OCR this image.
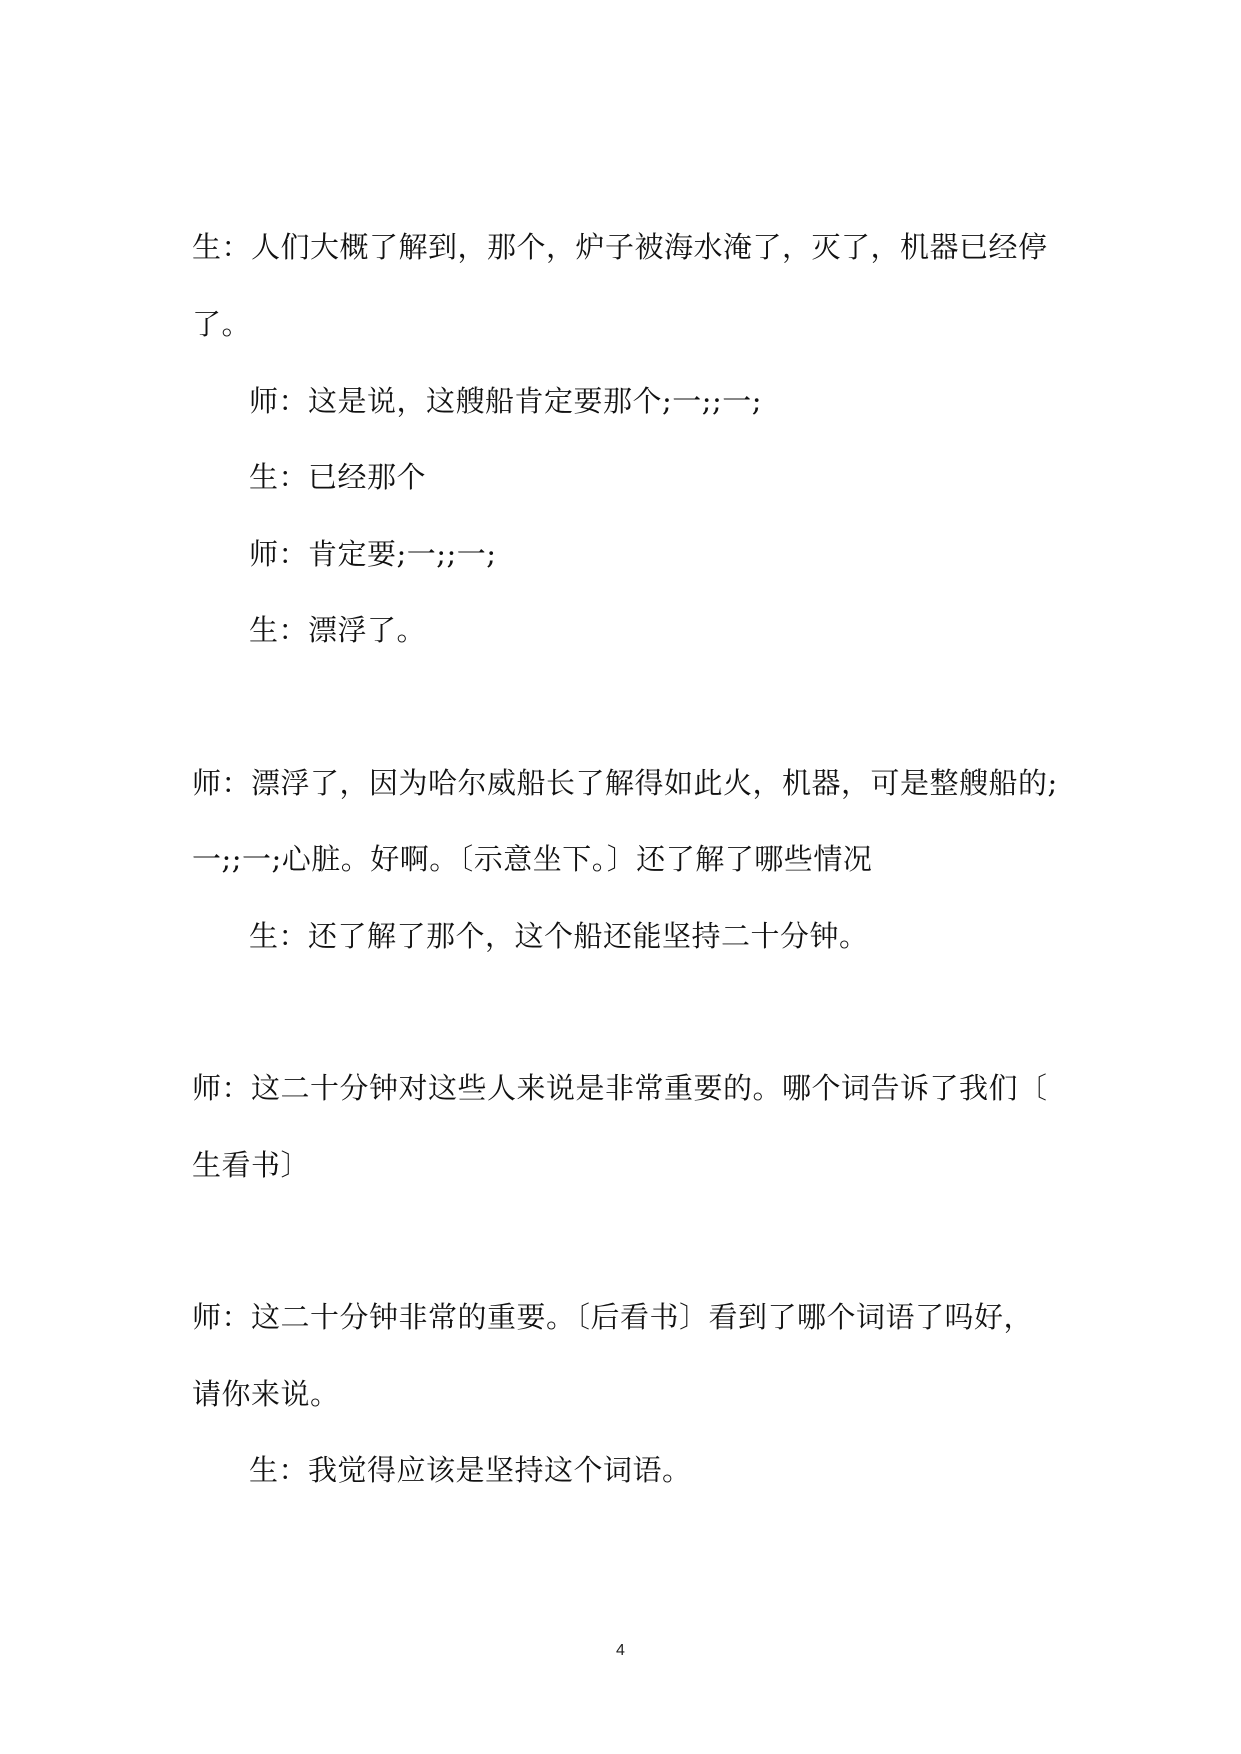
生：人们大概了解到，那个，炉子被海水淹了，灭了，机器已经停
了。
师：这是说，这艘船肯定要那个;一;;一;
生：已经那个
师：肯定要;一;;一;
生：漂浮了。
师：漂浮了，因为哈尔威船长了解得如此火，机器，可是整艘船的;
一;;一;心脏。好啊。〔示意坐下。〕还了解了哪些情况
生：还了解了那个，这个船还能坚持二十分钟。
师：这二十分钟对这些人来说是非常重要的。哪个词告诉了我们〔
生看书〕
师：这二十分钟非常的重要。〔后看书〕看到了哪个词语了吗好，
请你来说。
生：我觉得应该是坚持这个词语。
4
